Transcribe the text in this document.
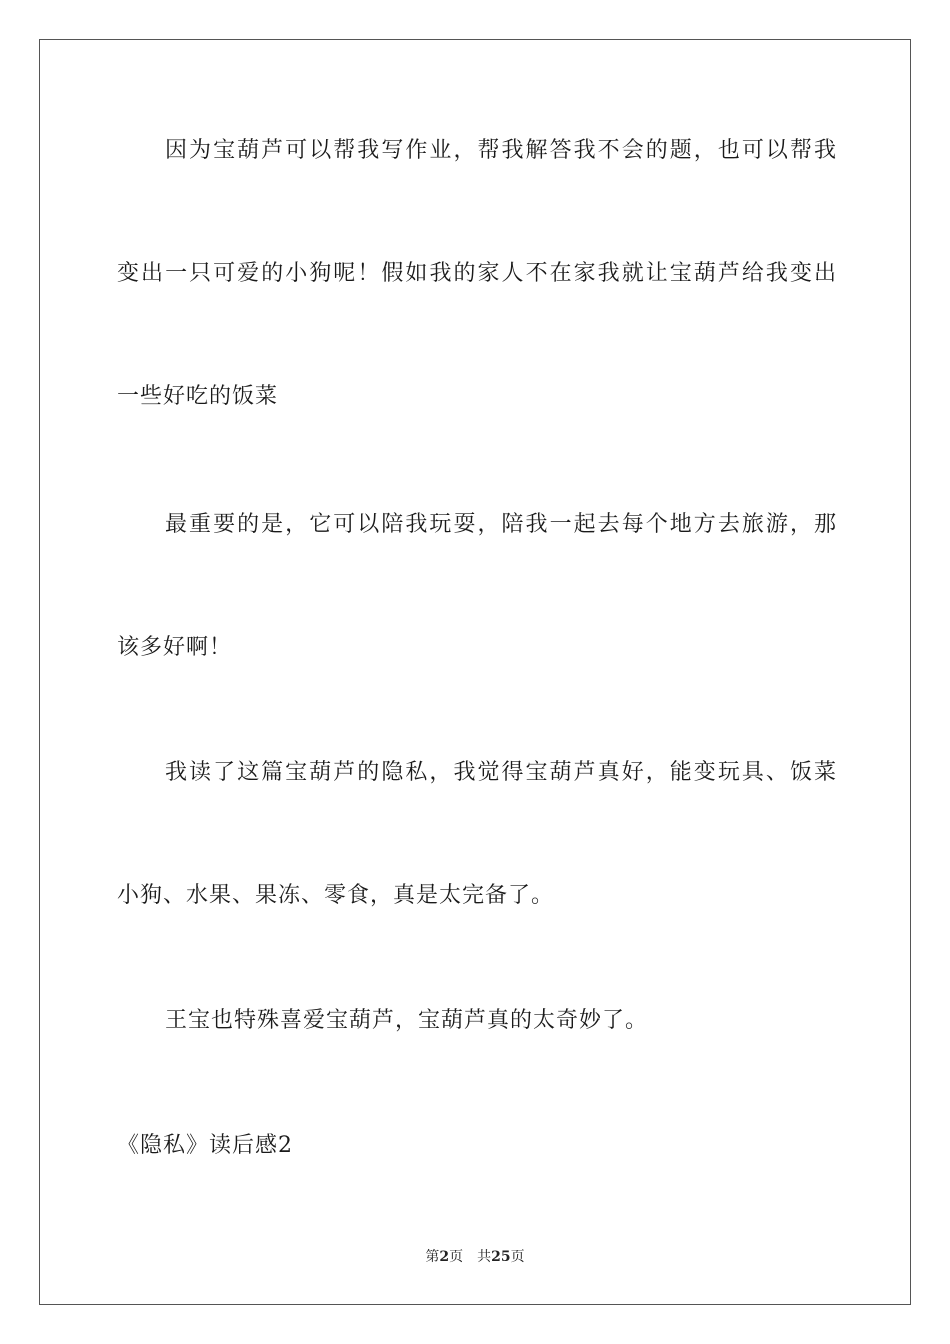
因为宝葫芦可以帮我写作业，帮我解答我不会的题，也可以帮我
变出一只可爱的小狗呢！假如我的家人不在家我就让宝葫芦给我变出
一些好吃的饭菜
最重要的是，它可以陪我玩耍，陪我一起去每个地方去旅游，那
该多好啊！
我读了这篇宝葫芦的隐私，我觉得宝葫芦真好，能变玩具、饭菜
小狗、水果、果冻、零食，真是太完备了。
王宝也特殊喜爱宝葫芦，宝葫芦真的太奇妙了。
《隐私》读后感2
第2页 共25页
